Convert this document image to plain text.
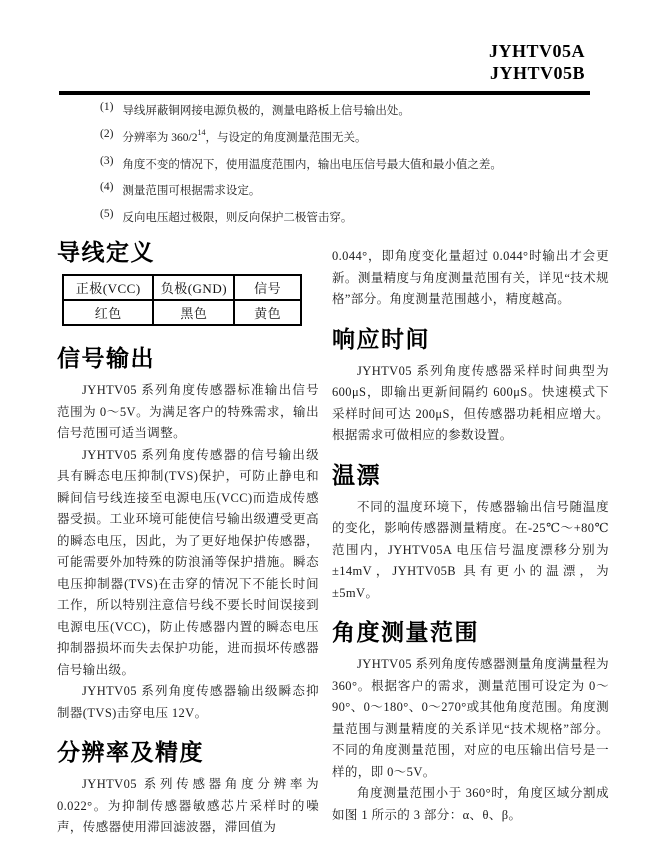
JYHTV05A
JYHTV05B
(1) 导线屏蔽铜网接电源负极的，测量电路板上信号输出处。
(2) 分辨率为 $360/2^{14}$，与设定的角度测量范围无关。
(3) 角度不变的情况下，使用温度范围内，输出电压信号最大值和最小值之差。
(4) 测量范围可根据需求设定。
(5) 反向电压超过极限，则反向保护二极管击穿。
导线定义
正极(VCC)	负极(GND)	信号
红色	黑色	黄色
信号输出

JYHTV05 系列角度传感器标准输出信号范围为 0～5V。为满足客户的特殊需求，输出信号范围可适当调整。

JYHTV05 系列角度传感器的信号输出级具有瞬态电压抑制(TVS)保护，可防止静电和瞬间信号线连接至电源电压(VCC)而造成传感器受损。工业环境可能使信号输出级遭受更高的瞬态电压，因此，为了更好地保护传感器，可能需要外加特殊的防浪涌等保护措施。瞬态电压抑制器(TVS)在击穿的情况下不能长时间工作，所以特别注意信号线不要长时间误接到电源电压(VCC)，防止传感器内置的瞬态电压抑制器损坏而失去保护功能，进而损坏传感器信号输出级。

JYHTV05 系列角度传感器输出级瞬态抑制器(TVS)击穿电压 12V。

分辨率及精度

JYHTV05 系列传感器角度分辨率为 0.022°。为抑制传感器敏感芯片采样时的噪声，传感器使用滞回滤波器，滞回值为

0.044°，即角度变化量超过 0.044°时输出才会更新。测量精度与角度测量范围有关，详见“技术规格”部分。角度测量范围越小，精度越高。

响应时间

JYHTV05 系列角度传感器采样时间典型为 600μS，即输出更新间隔约 600μS。快速模式下采样时间可达 200μS，但传感器功耗相应增大。根据需求可做相应的参数设置。

温漂

不同的温度环境下，传感器输出信号随温度的变化，影响传感器测量精度。在-25℃～+80℃范围内，JYHTV05A 电压信号温度漂移分别为±14mV，JYHTV05B 具有更小的温漂，为±5mV。

角度测量范围

JYHTV05 系列角度传感器测量角度满量程为 360°。根据客户的需求，测量范围可设定为 0～90°、0～180°、0～270°或其他角度范围。角度测量范围与测量精度的关系详见“技术规格”部分。不同的角度测量范围，对应的电压输出信号是一样的，即 0～5V。

角度测量范围小于 360°时，角度区域分割成如图 1 所示的 3 部分：α、θ、β。
